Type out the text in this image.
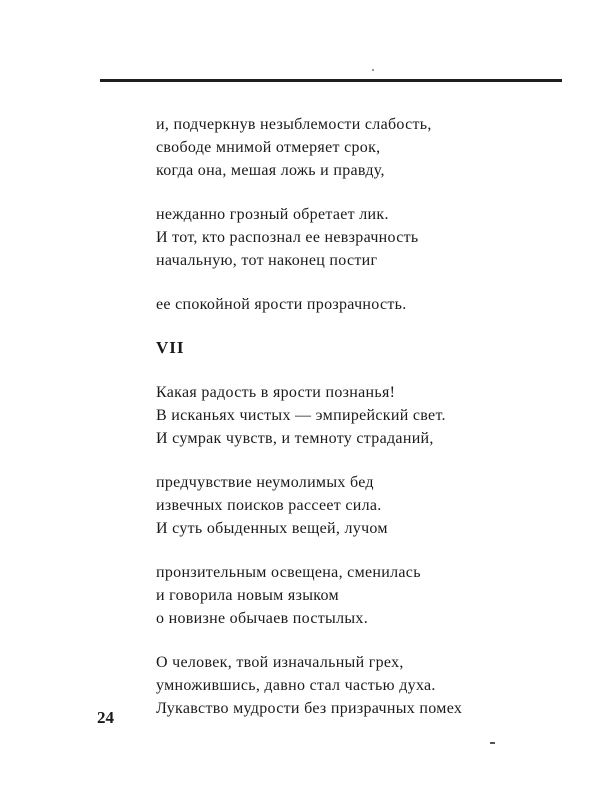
и, подчеркнув незыблемости слабость,
свободе мнимой отмеряет срок,
когда она, мешая ложь и правду,
нежданно грозный обретает лик.
И тот, кто распознал ее невзрачность
начальную, тот наконец постиг
ее спокойной ярости прозрачность.
VII
Какая радость в ярости познанья!
В исканьях чистых — эмпирейский свет.
И сумрак чувств, и темноту страданий,
предчувствие неумолимых бед
извечных поисков рассеет сила.
И суть обыденных вещей, лучом
пронзительным освещена, сменилась
и говорила новым языком
о новизне обычаев постылых.
О человек, твой изначальный грех,
умножившись, давно стал частью духа.
Лукавство мудрости без призрачных помех
24
